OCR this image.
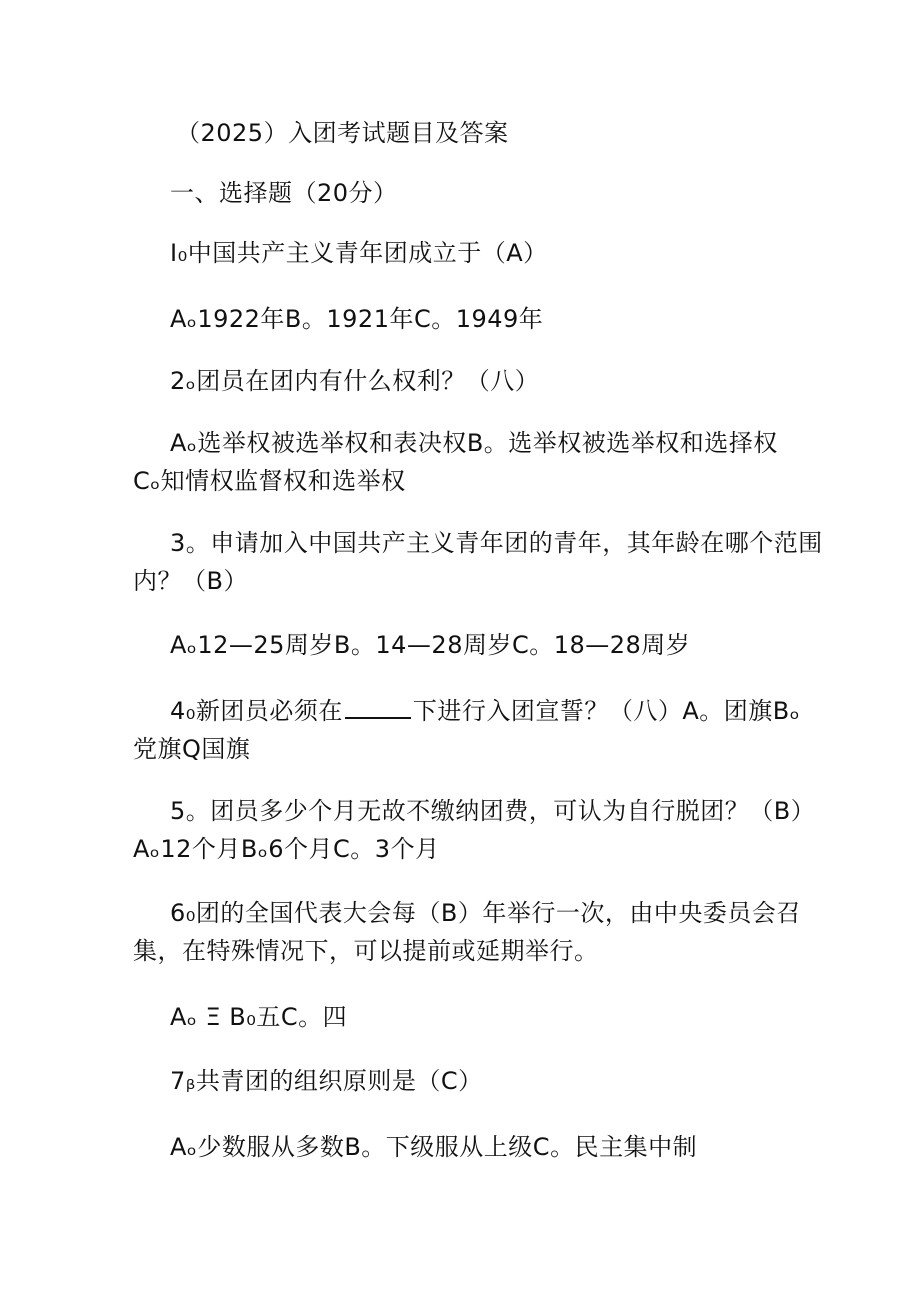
（2025）入团考试题目及答案
一、选择题（20分）
I₀中国共产主义青年团成立于（A）
Aₒ1922年B。1921年C。1949年
2ₒ团员在团内有什么权利？（八）
Aₒ选举权被选举权和表决权B。选举权被选举权和选择权
Cₒ知情权监督权和选举权
3。申请加入中国共产主义青年团的青年，其年龄在哪个范围
内？（B）
Aₒ12—25周岁B。14—28周岁C。18—28周岁
4₀新团员必须在	下进行入团宣誓？（八）A。团旗Bₒ
党旗Q国旗
5。团员多少个月无故不缴纳团费，可认为自行脱团？（B）
Aₒ12个月Bₒ6个月C。3个月
6₀团的全国代表大会每（B）年举行一次，由中央委员会召
集，在特殊情况下，可以提前或延期举行。
Aₒ Ξ B₀五C。四
7ᵦ共青团的组织原则是（C）
Aₒ少数服从多数B。下级服从上级C。民主集中制
